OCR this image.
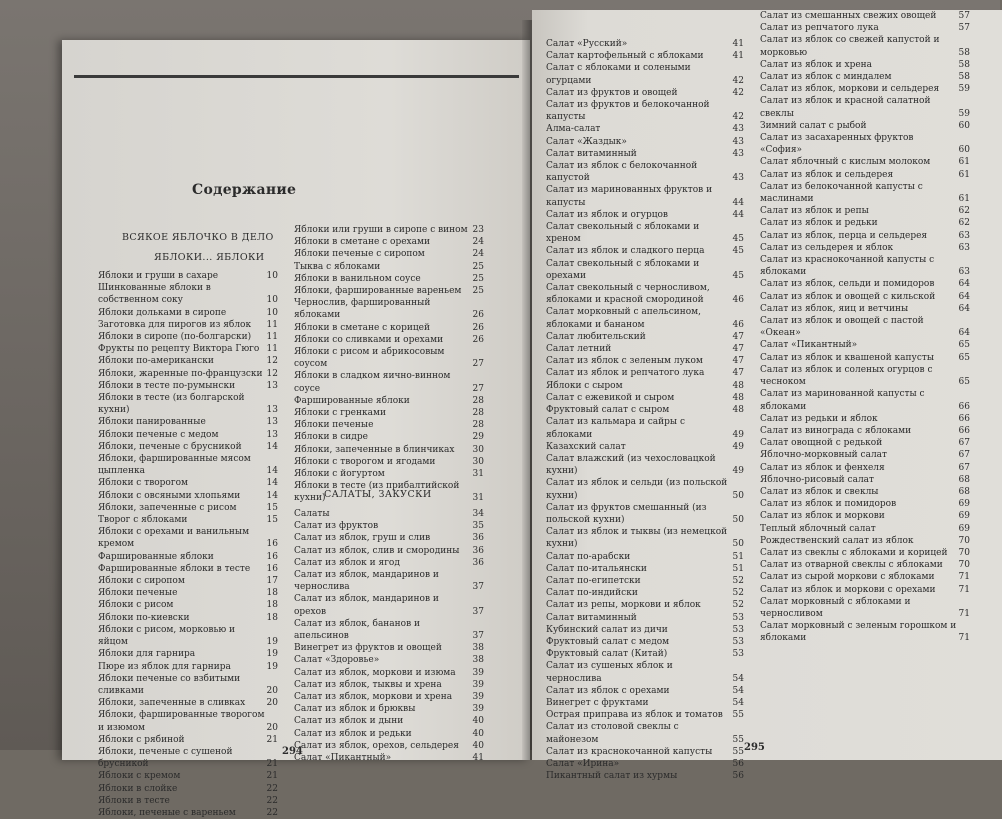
Содержание
ВСЯКОЕ ЯБЛОЧКО В ДЕЛО
ЯБЛОКИ... ЯБЛОКИ
Яблоки и груши в сахаре	10
Шинкованные яблоки в собственном соку	10
Яблоки дольками в сиропе	10
Заготовка для пирогов из яблок	11
Яблоки в сиропе (по-болгарски)	11
Фрукты по рецепту Виктора Гюго 11
Яблоки по-американски	12
Яблоки, жаренные по-французски 12
Яблоки в тесте по-румынски	13
Яблоки в тесте (из болгарской кухни)	13
Яблоки панированные	13
Яблоки печеные с медом	13
Яблоки, печеные с брусникой	14
Яблоки, фаршированные мясом цыпленка	14
Яблоки с творогом	14
Яблоки с овсяными хлопьями	14
Яблоки, запеченные с рисом	15
Творог с яблоками	15
Яблоки с орехами и ванильным кремом	16
Фаршированные яблоки	16
Фаршированные яблоки в тесте	16
Яблоки с сиропом	17
Яблоки печеные	18
Яблоки с рисом	18
Яблоки по-киевски	18
Яблоки с рисом, морковью и яйцом	19
Яблоки для гарнира	19
Пюре из яблок для гарнира	19
Яблоки печеные со взбитыми сливками	20
Яблоки, запеченные в сливках	20
Яблоки, фаршированные творогом и изюмом	20
Яблоки с рябиной	21
Яблоки, печеные с сушеной брусникой	21
Яблоки с кремом	21
Яблоки в слойке	22
Яблоки в тесте	22
Яблоки, печеные с вареньем	22
Яблоки или груши в сиропе с вином 23
Яблоки в сметане с орехами	24
Яблоки печеные с сиропом	24
Тыква с яблоками	25
Яблоки в ванильном соусе	25
Яблоки, фаршированные вареньем	25
Чернослив, фаршированный яблоками	26
Яблоки в сметане с корицей	26
Яблоки со сливками и орехами	26
Яблоки с рисом и абрикосовым соусом	27
Яблоки в сладком яично-винном соусе	27
Фаршированные яблоки	28
Яблоки с гренками	28
Яблоки печеные	28
Яблоки в сидре	29
Яблоки, запеченные в блинчиках	30
Яблоки с творогом и ягодами	30
Яблоки с йогуртом	31
Яблоки в тесте (из прибалтийской кухни)	31
САЛАТЫ, ЗАКУСКИ
Салаты	34
Салат из фруктов	35
Салат из яблок, груш и слив	36
Салат из яблок, слив и смородины	36
Салат из яблок и ягод	36
Салат из яблок, мандаринов и чернослива	37
Салат из яблок, мандаринов и орехов	37
Салат из яблок, бананов и апельсинов	37
Винегрет из фруктов и овощей	38
Салат «Здоровье»	38
Салат из яблок, моркови и изюма	39
Салат из яблок, тыквы и хрена	39
Салат из яблок, моркови и хрена	39
Салат из яблок и брюквы	39
Салат из яблок и дыни	40
Салат из яблок и редьки	40
Салат из яблок, орехов, сельдерея	40
Салат «Пикантный»	41
294
Салат «Русский»	41
Салат картофельный с яблоками	41
Салат с яблоками и солеными огурцами	42
Салат из фруктов и овощей	42
Салат из фруктов и белокочанной капусты	42
Алма-салат	43
Салат «Жаздык»	43
Салат витаминный	43
Салат из яблок с белокочанной капустой	43
Салат из маринованных фруктов и капусты	44
Салат из яблок и огурцов	44
Салат свекольный с яблоками и хреном	45
Салат из яблок и сладкого перца	45
Салат свекольный с яблоками и орехами	45
Салат свекольный с черносливом, яблоками и красной смородиной	46
Салат морковный с апельсином, яблоками и бананом	46
Салат любительский	47
Салат летний	47
Салат из яблок с зеленым луком	47
Салат из яблок и репчатого лука	47
Яблоки с сыром	48
Салат с ежевикой и сыром	48
Фруктовый салат с сыром	48
Салат из кальмара и сайры с яблоками	49
Казахский салат	49
Салат влажский (из чехословацкой кухни)	49
Салат из яблок и сельди (из польской кухни)	50
Салат из фруктов смешанный (из польской кухни)	50
Салат из яблок и тыквы (из немецкой кухни)	50
Салат по-арабски	51
Салат по-итальянски	51
Салат по-египетски	52
Салат по-индийски	52
Салат из репы, моркови и яблок	52
Салат витаминный	53
Кубинский салат из дичи	53
Фруктовый салат с медом	53
Фруктовый салат (Китай)	53
Салат из сушеных яблок и чернослива	54
Салат из яблок с орехами	54
Винегрет с фруктами	54
Острая приправа из яблок и томатов	55
Салат из столовой свеклы с майонезом	55
Салат из краснокочанной капусты	55
Салат «Ирина»	56
Пикантный салат из хурмы	56
Салат из смешанных свежих овощей	57
Салат из репчатого лука	57
Салат из яблок со свежей капустой и морковью	58
Салат из яблок и хрена	58
Салат из яблок с миндалем	58
Салат из яблок, моркови и сельдерея	59
Салат из яблок и красной салатной свеклы	59
Зимний салат с рыбой	60
Салат из засахаренных фруктов «София»	60
Салат яблочный с кислым молоком	61
Салат из яблок и сельдерея	61
Салат из белокочанной капусты с маслинами	61
Салат из яблок и репы	62
Салат из яблок и редьки	62
Салат из яблок, перца и сельдерея	63
Салат из сельдерея и яблок	63
Салат из краснокочанной капусты с яблоками	63
Салат из яблок, сельди и помидоров	64
Салат из яблок и овощей с кильской	64
Салат из яблок, яиц и ветчины	64
Салат из яблок и овощей с пастой «Океан»	64
Салат «Пикантный»	65
Салат из яблок и квашеной капусты	65
Салат из яблок и соленых огурцов с чесноком	65
Салат из маринованной капусты с яблоками	66
Салат из редьки и яблок	66
Салат из винограда с яблоками	66
Салат овощной с редькой	67
Яблочно-морковный салат	67
Салат из яблок и фенхеля	67
Яблочно-рисовый салат	68
Салат из яблок и свеклы	68
Салат из яблок и помидоров	69
Салат из яблок и моркови	69
Теплый яблочный салат	69
Рождественский салат из яблок	70
Салат из свеклы с яблоками и корицей	70
Салат из отварной свеклы с яблоками	70
Салат из сырой моркови с яблоками	71
Салат из яблок и моркови с орехами	71
Салат морковный с яблоками и черносливом	71
Салат морковный с зеленым горошком и яблоками	71
295
